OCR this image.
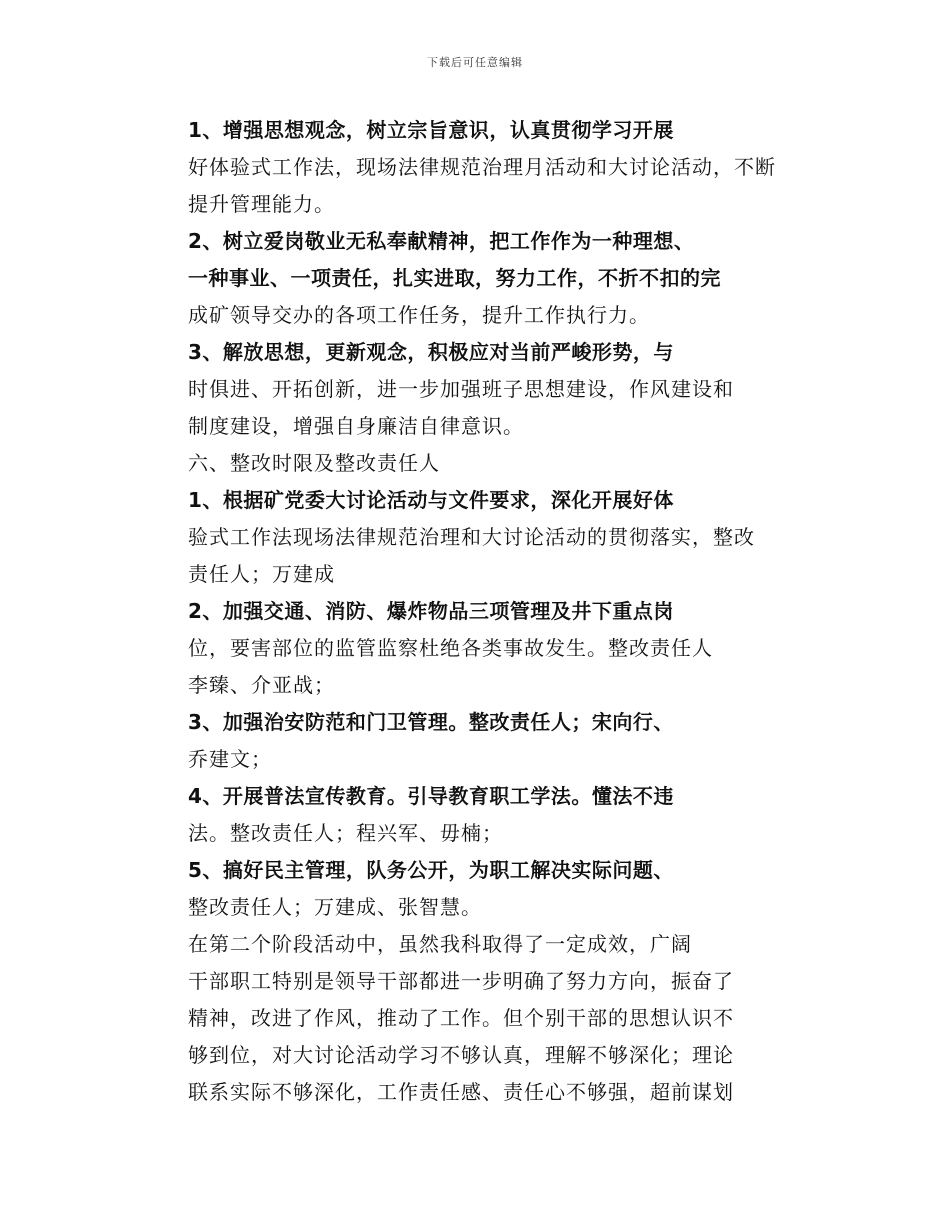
下载后可任意编辑
1、增强思想观念，树立宗旨意识，认真贯彻学习开展
好体验式工作法，现场法律规范治理月活动和大讨论活动，不断
提升管理能力。
2、树立爱岗敬业无私奉献精神，把工作作为一种理想、
一种事业、一项责任，扎实进取，努力工作，不折不扣的完
成矿领导交办的各项工作任务，提升工作执行力。
3、解放思想，更新观念，积极应对当前严峻形势，与
时俱进、开拓创新，进一步加强班子思想建设，作风建设和
制度建设，增强自身廉洁自律意识。
六、整改时限及整改责任人
1、根据矿党委大讨论活动与文件要求，深化开展好体
验式工作法现场法律规范治理和大讨论活动的贯彻落实，整改
责任人；万建成
2、加强交通、消防、爆炸物品三项管理及井下重点岗
位，要害部位的监管监察杜绝各类事故发生。整改责任人
李臻、介亚战；
3、加强治安防范和门卫管理。整改责任人；宋向行、
乔建文；
4、开展普法宣传教育。引导教育职工学法。懂法不违
法。整改责任人；程兴军、毋楠；
5、搞好民主管理，队务公开，为职工解决实际问题、
整改责任人；万建成、张智慧。
在第二个阶段活动中，虽然我科取得了一定成效，广阔
干部职工特别是领导干部都进一步明确了努力方向，振奋了
精神，改进了作风，推动了工作。但个别干部的思想认识不
够到位，对大讨论活动学习不够认真，理解不够深化；理论
联系实际不够深化，工作责任感、责任心不够强，超前谋划
